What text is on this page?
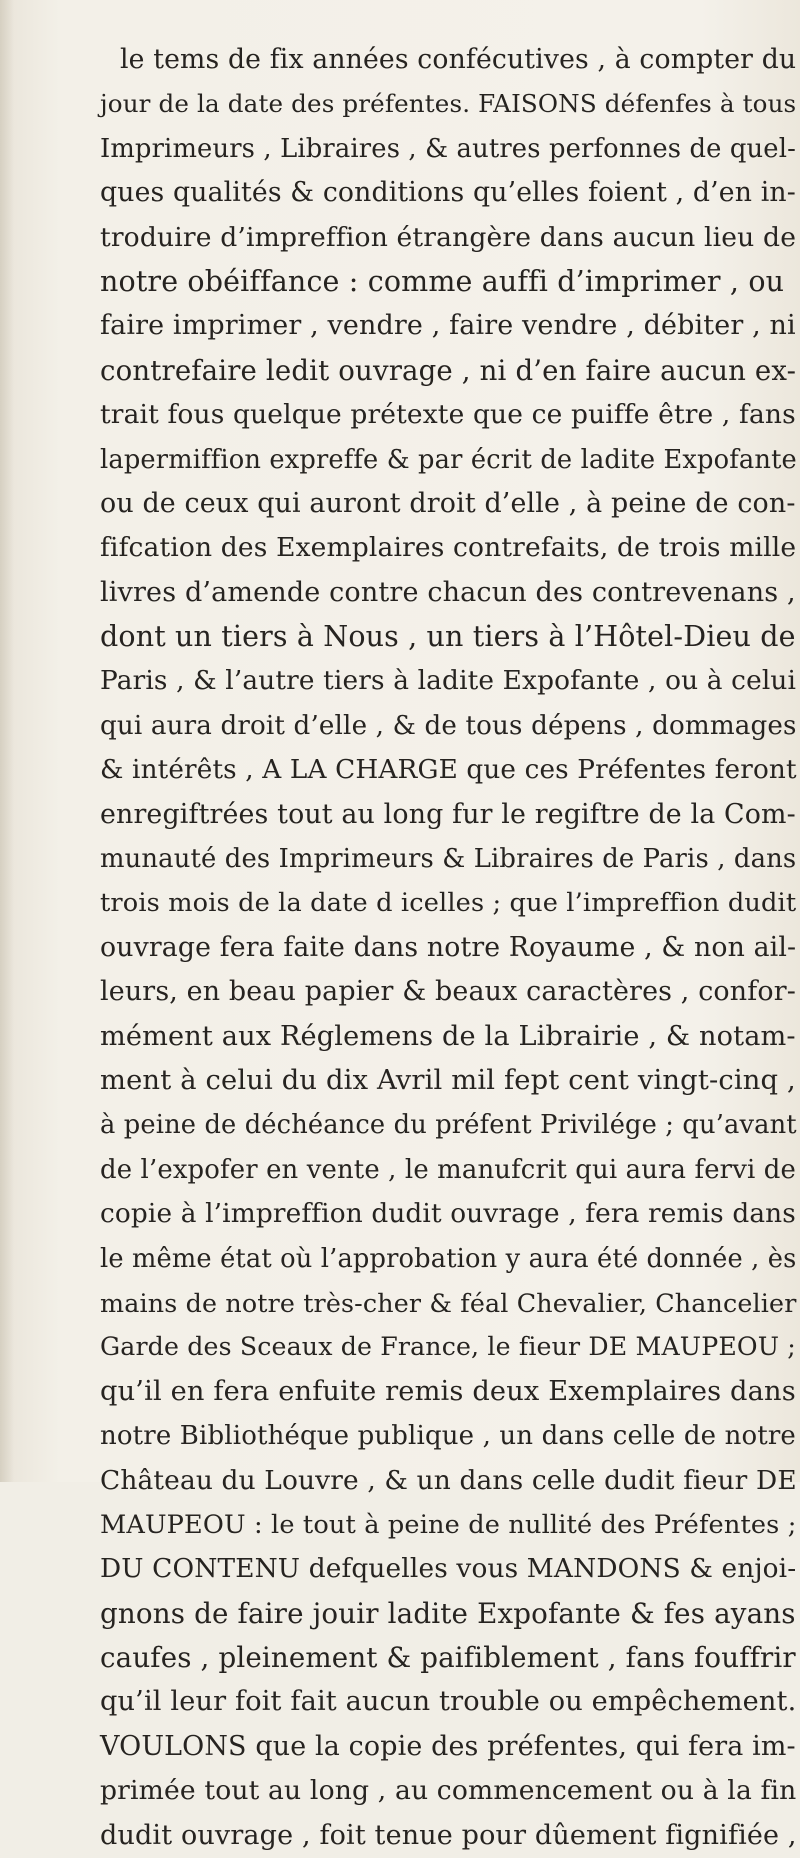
le tems de fix années confécutives , à compter du
jour de la date des préfentes. FAISONS défenfes à tous
Imprimeurs , Libraires , & autres perfonnes de quel-
ques qualités & conditions qu’elles foient , d’en in-
troduire d’impreffion étrangère dans aucun lieu de
notre obéiffance : comme auffi d’imprimer , ou
faire imprimer , vendre , faire vendre , débiter , ni
contrefaire ledit ouvrage , ni d’en faire aucun ex-
trait fous quelque prétexte que ce puiffe être , fans
lapermiffion expreffe & par écrit de ladite Expofante
ou de ceux qui auront droit d’elle , à peine de con-
fifcation des Exemplaires contrefaits, de trois mille
livres d’amende contre chacun des contrevenans ,
dont un tiers à Nous , un tiers à l’Hôtel-Dieu de
Paris , & l’autre tiers à ladite Expofante , ou à celui
qui aura droit d’elle , & de tous dépens , dommages
& intérêts , A LA CHARGE que ces Préfentes feront
enregiftrées tout au long fur le regiftre de la Com-
munauté des Imprimeurs & Libraires de Paris , dans
trois mois de la date d icelles ; que l’impreffion dudit
ouvrage fera faite dans notre Royaume , & non ail-
leurs, en beau papier & beaux caractères , confor-
mément aux Réglemens de la Librairie , & notam-
ment à celui du dix Avril mil fept cent vingt-cinq ,
à peine de déchéance du préfent Privilége ; qu’avant
de l’expofer en vente , le manufcrit qui aura fervi de
copie à l’impreffion dudit ouvrage , fera remis dans
le même état où l’approbation y aura été donnée , ès
mains de notre très-cher & féal Chevalier, Chancelier
Garde des Sceaux de France, le fieur DE MAUPEOU ;
qu’il en fera enfuite remis deux Exemplaires dans
notre Bibliothéque publique , un dans celle de notre
Château du Louvre , & un dans celle dudit fieur DE
MAUPEOU : le tout à peine de nullité des Préfentes ;
DU CONTENU defquelles vous MANDONS & enjoi-
gnons de faire jouir ladite Expofante & fes ayans
caufes , pleinement & paifiblement , fans fouffrir
qu’il leur foit fait aucun trouble ou empêchement.
VOULONS que la copie des préfentes, qui fera im-
primée tout au long , au commencement ou à la fin
dudit ouvrage , foit tenue pour dûement fignifiée ,
